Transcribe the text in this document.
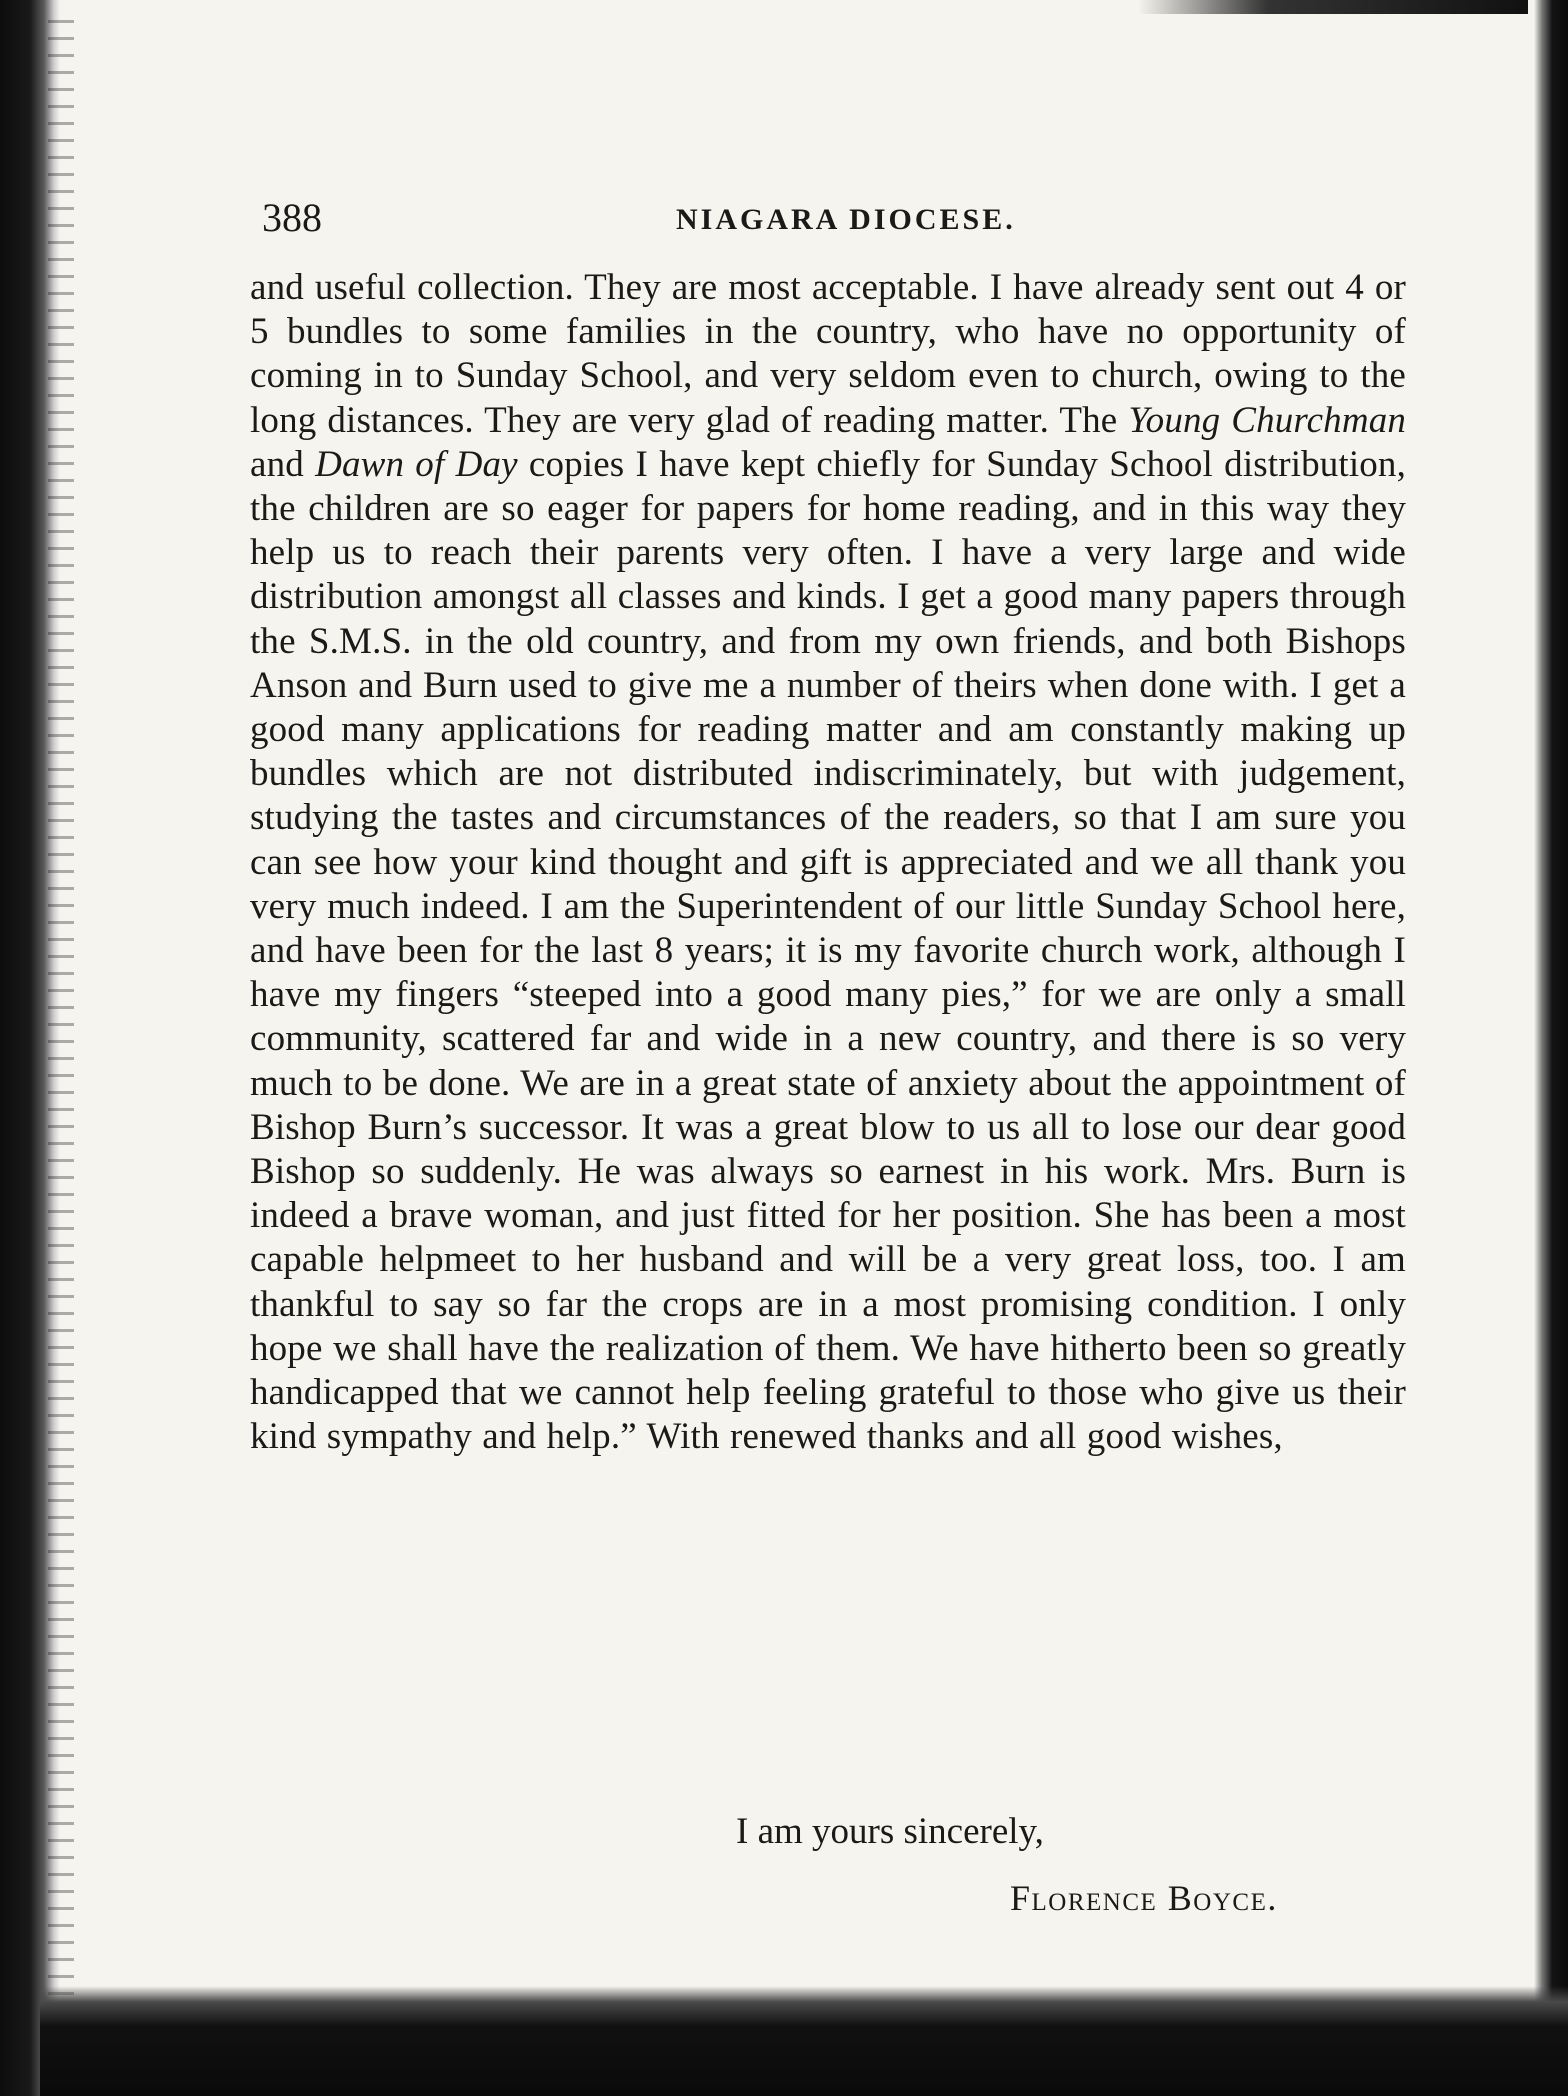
388	NIAGARA DIOCESE.

and useful collection. They are most acceptable. I have already sent out 4 or 5 bundles to some families in the country, who have no opportunity of coming in to Sunday School, and very seldom even to church, owing to the long distances. They are very glad of reading matter. The Young Churchman and Dawn of Day copies I have kept chiefly for Sunday School distribution, the children are so eager for papers for home reading, and in this way they help us to reach their parents very often. I have a very large and wide distribution amongst all classes and kinds. I get a good many papers through the S.M.S. in the old country, and from my own friends, and both Bishops Anson and Burn used to give me a number of theirs when done with. I get a good many applications for reading matter and am constantly making up bundles which are not distributed indiscriminately, but with judgement, studying the tastes and circumstances of the readers, so that I am sure you can see how your kind thought and gift is appreciated and we all thank you very much indeed. I am the Superintendent of our little Sunday School here, and have been for the last 8 years; it is my favorite church work, although I have my fingers “steeped into a good many pies,” for we are only a small community, scattered far and wide in a new country, and there is so very much to be done. We are in a great state of anxiety about the appointment of Bishop Burn’s successor. It was a great blow to us all to lose our dear good Bishop so suddenly. He was always so earnest in his work. Mrs. Burn is indeed a brave woman, and just fitted for her position. She has been a most capable helpmeet to her husband and will be a very great loss, too. I am thankful to say so far the crops are in a most promising condition. I only hope we shall have the realization of them. We have hitherto been so greatly handicapped that we cannot help feeling grateful to those who give us their kind sympathy and help.” With renewed thanks and all good wishes,

I am yours sincerely,

Florence Boyce.
